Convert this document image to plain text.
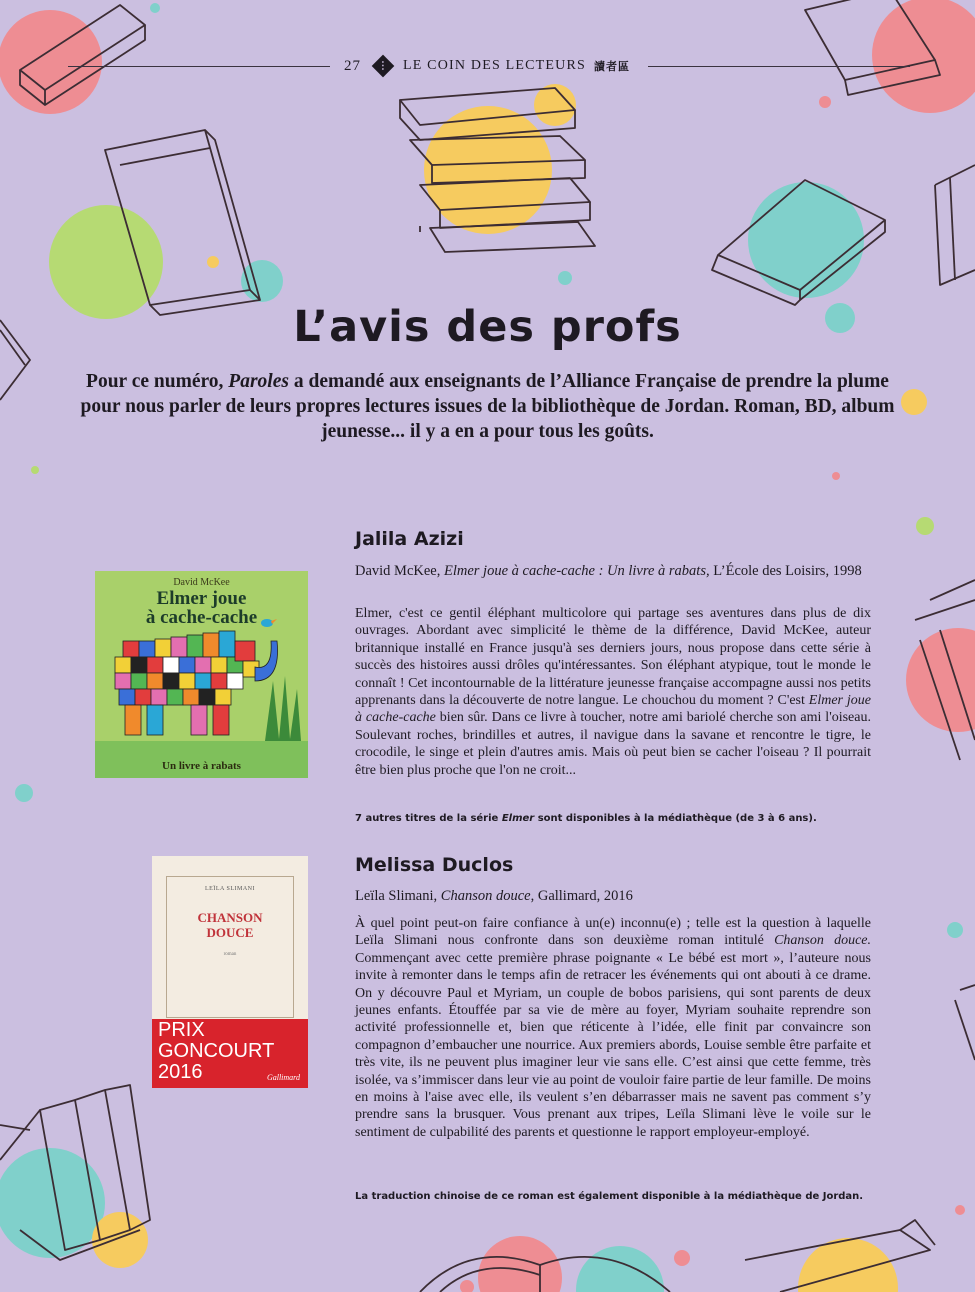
27 ⋮ LE COIN DES LECTEURS 讀者區
L’avis des profs
Pour ce numéro, Paroles a demandé aux enseignants de l’Alliance Française de prendre la plume pour nous parler de leurs propres lectures issues de la bibliothèque de Jordan. Roman, BD, album jeunesse... il y a en a pour tous les goûts.
David McKee
Elmer joue
à cache-cache
Un livre à rabats
Jalila Azizi
David McKee, Elmer joue à cache-cache : Un livre à rabats, L’École des Loisirs, 1998
Elmer, c'est ce gentil éléphant multicolore qui partage ses aventures dans plus de dix ouvrages. Abordant avec simplicité le thème de la différence, David McKee, auteur britannique installé en France jusqu'à ses derniers jours, nous propose dans cette série à succès des histoires aussi drôles qu'intéressantes. Son éléphant atypique, tout le monde le connaît ! Cet incontournable de la littérature jeunesse française accompagne aussi nos petits apprenants dans la découverte de notre langue. Le chouchou du moment ? C'est Elmer joue à cache-cache bien sûr. Dans ce livre à toucher, notre ami bariolé cherche son ami l'oiseau. Soulevant roches, brindilles et autres, il navigue dans la savane et rencontre le tigre, le crocodile, le singe et plein d'autres amis. Mais où peut bien se cacher l'oiseau ? Il pourrait être bien plus proche que l'on ne croit...
7 autres titres de la série Elmer sont disponibles à la médiathèque (de 3 à 6 ans).
LEÏLA SLIMANI
CHANSON
DOUCE
roman
PRIX
GONCOURT
2016	Gallimard
Melissa Duclos
Leïla Slimani, Chanson douce, Gallimard, 2016
À quel point peut-on faire confiance à un(e) inconnu(e) ; telle est la question à laquelle Leïla Slimani nous confronte dans son deuxième roman intitulé Chanson douce. Commençant avec cette première phrase poignante « Le bébé est mort », l’auteure nous invite à remonter dans le temps afin de retracer les événements qui ont abouti à ce drame. On y découvre Paul et Myriam, un couple de bobos parisiens, qui sont parents de deux jeunes enfants. Étouffée par sa vie de mère au foyer, Myriam souhaite reprendre son activité professionnelle et, bien que réticente à l’idée, elle finit par convaincre son compagnon d’embaucher une nourrice. Aux premiers abords, Louise semble être parfaite et très vite, ils ne peuvent plus imaginer leur vie sans elle. C’est ainsi que cette femme, très isolée, va s’immiscer dans leur vie au point de vouloir faire partie de leur famille. De moins en moins à l'aise avec elle, ils veulent s’en débarrasser mais ne savent pas comment s’y prendre sans la brusquer. Vous prenant aux tripes, Leïla Slimani lève le voile sur le sentiment de culpabilité des parents et questionne le rapport employeur-employé.
La traduction chinoise de ce roman est également disponible à la médiathèque de Jordan.
